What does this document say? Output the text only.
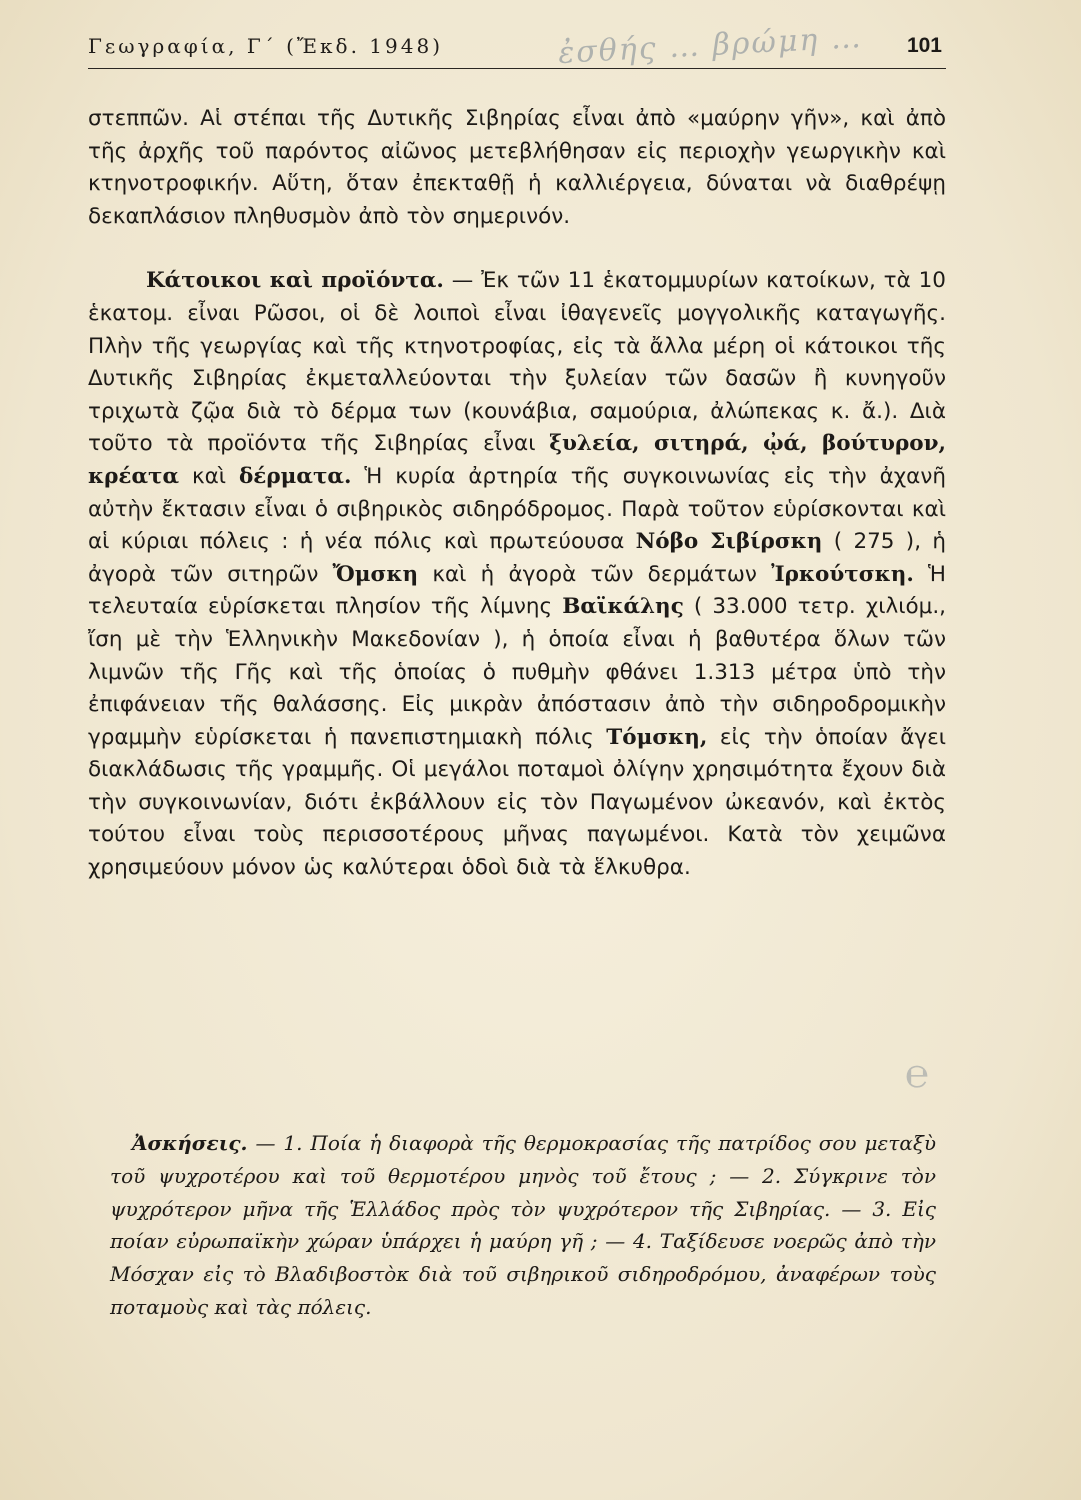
Γεωγραφία, Γ΄ (Ἔκδ. 1948)	ἐσθής … βρώμη … 101
℮

στεππῶν. Αἱ στέπαι τῆς Δυτικῆς Σιβηρίας εἶναι ἀπὸ «μαύρην γῆν», καὶ ἀπὸ τῆς ἀρχῆς τοῦ παρόντος αἰῶνος μετεβλήθησαν εἰς περιοχὴν γεωργικὴν καὶ κτηνοτροφικήν. Αὕτη, ὅταν ἐπεκταθῇ ἡ καλλιέργεια, δύναται νὰ διαθρέψῃ δεκαπλάσιον πληθυσμὸν ἀπὸ τὸν σημερινόν.

Κάτοικοι καὶ προϊόντα. — Ἐκ τῶν 11 ἑκατομμυρίων κατοίκων, τὰ 10 ἑκατομ. εἶναι Ρῶσοι, οἱ δὲ λοιποὶ εἶναι ἰθαγενεῖς μογγολικῆς καταγωγῆς. Πλὴν τῆς γεωργίας καὶ τῆς κτηνοτροφίας, εἰς τὰ ἄλλα μέρη οἱ κάτοικοι τῆς Δυτικῆς Σιβηρίας ἐκμεταλλεύονται τὴν ξυλείαν τῶν δασῶν ἢ κυνηγοῦν τριχωτὰ ζῷα διὰ τὸ δέρμα των (κουνάβια, σαμούρια, ἀλώπεκας κ. ἄ.). Διὰ τοῦτο τὰ προϊόντα τῆς Σιβηρίας εἶναι ξυλεία, σιτηρά, ᾠά, βούτυρον, κρέατα καὶ δέρματα. Ἡ κυρία ἀρτηρία τῆς συγκοινωνίας εἰς τὴν ἀχανῆ αὐτὴν ἔκτασιν εἶναι ὁ σιβηρικὸς σιδηρόδρομος. Παρὰ τοῦτον εὑρίσκονται καὶ αἱ κύριαι πόλεις : ἡ νέα πόλις καὶ πρωτεύουσα Νόβο Σιβίρσκη ( 275 ), ἡ ἀγορὰ τῶν σιτηρῶν Ὄμσκη καὶ ἡ ἀγορὰ τῶν δερμάτων Ἰρκούτσκη. Ἡ τελευταία εὑρίσκεται πλησίον τῆς λίμνης Βαϊκάλης ( 33.000 τετρ. χιλιόμ., ἴση μὲ τὴν Ἑλληνικὴν Μακεδονίαν ), ἡ ὁποία εἶναι ἡ βαθυτέρα ὅλων τῶν λιμνῶν τῆς Γῆς καὶ τῆς ὁποίας ὁ πυθμὴν φθάνει 1.313 μέτρα ὑπὸ τὴν ἐπιφάνειαν τῆς θαλάσσης. Εἰς μικρὰν ἀπόστασιν ἀπὸ τὴν σιδηροδρομικὴν γραμμὴν εὑρίσκεται ἡ πανεπιστημιακὴ πόλις Τόμσκη, εἰς τὴν ὁποίαν ἄγει διακλάδωσις τῆς γραμμῆς. Οἱ μεγάλοι ποταμοὶ ὀλίγην χρησιμότητα ἔχουν διὰ τὴν συγκοινωνίαν, διότι ἐκβάλλουν εἰς τὸν Παγωμένον ὠκεανόν, καὶ ἐκτὸς τούτου εἶναι τοὺς περισσοτέρους μῆνας παγωμένοι. Κατὰ τὸν χειμῶνα χρησιμεύουν μόνον ὡς καλύτεραι ὁδοὶ διὰ τὰ ἕλκυθρα.

Ἀσκήσεις. — 1. Ποία ἡ διαφορὰ τῆς θερμοκρασίας τῆς πατρίδος σου μεταξὺ τοῦ ψυχροτέρου καὶ τοῦ θερμοτέρου μηνὸς τοῦ ἔτους ; — 2. Σύγκρινε τὸν ψυχρότερον μῆνα τῆς Ἑλλάδος πρὸς τὸν ψυχρότερον τῆς Σιβηρίας. — 3. Εἰς ποίαν εὐρωπαϊκὴν χώραν ὑπάρχει ἡ μαύρη γῆ ; — 4. Ταξίδευσε νοερῶς ἀπὸ τὴν Μόσχαν εἰς τὸ Βλαδιβοστὸκ διὰ τοῦ σιβηρικοῦ σιδηροδρόμου, ἀναφέρων τοὺς ποταμοὺς καὶ τὰς πόλεις.
